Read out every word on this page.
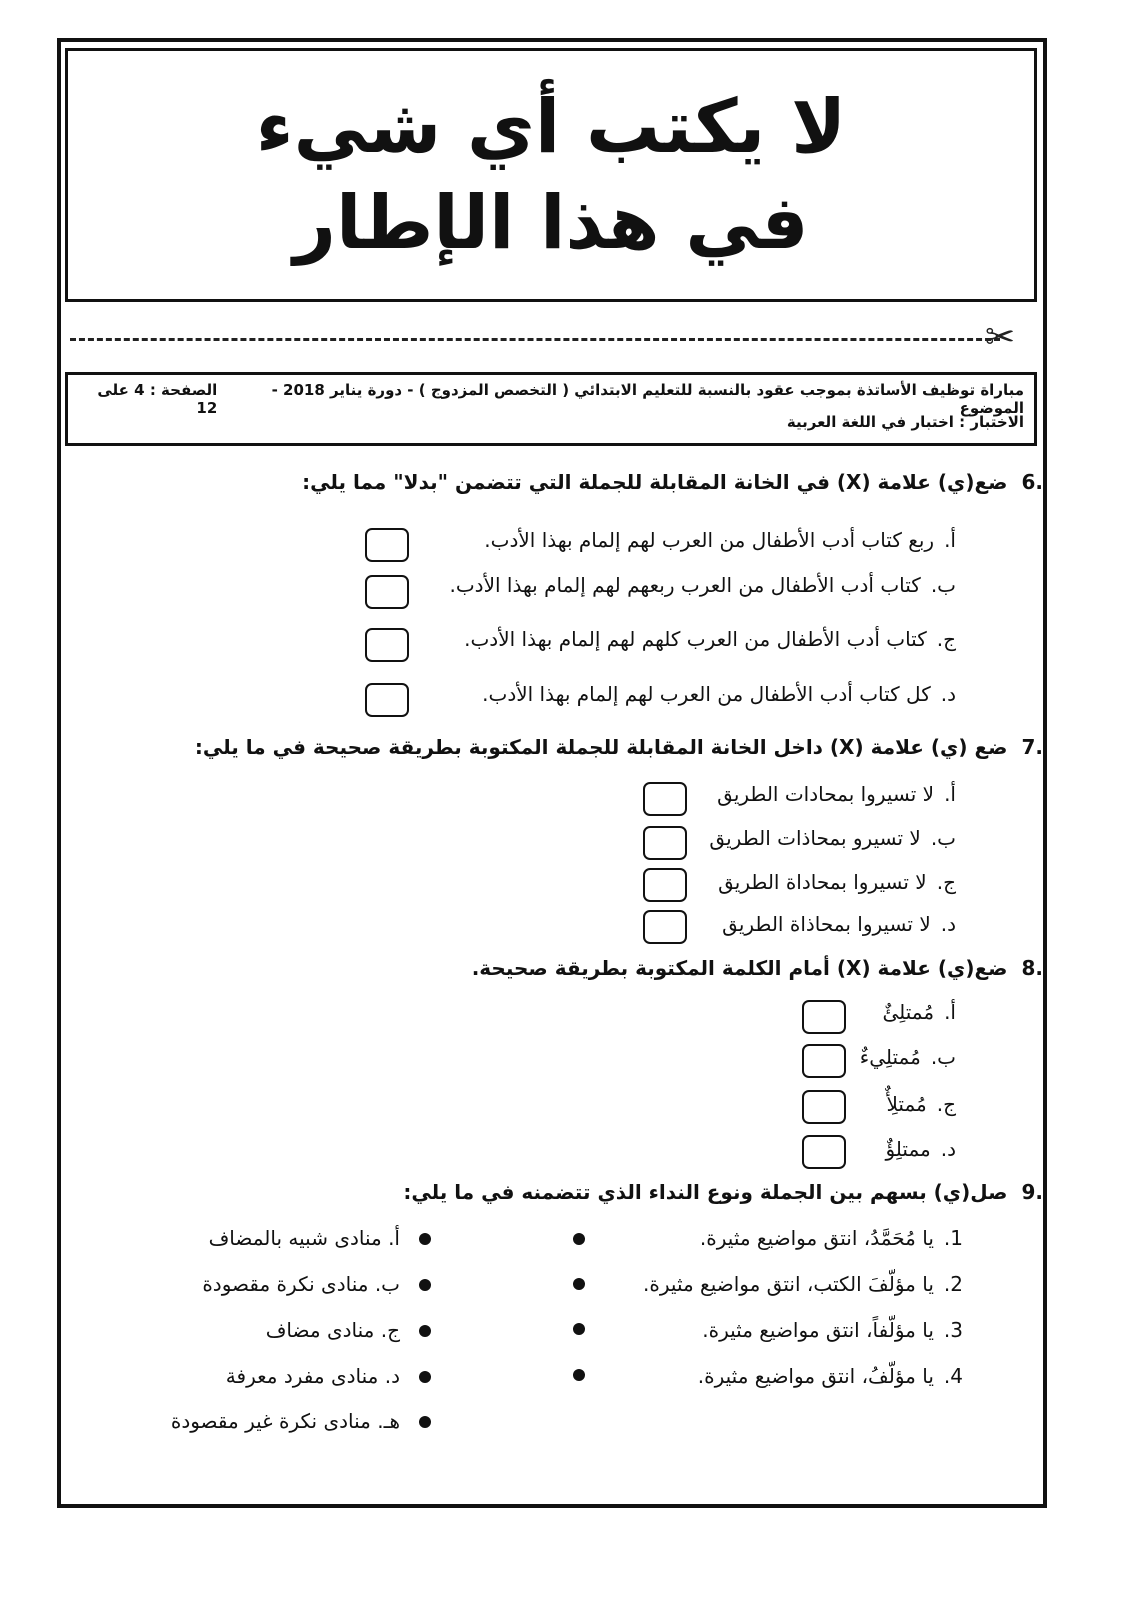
لا يكتب أي شيء
في هذا الإطار
✂
مباراة توظيف الأساتذة بموجب عقود بالنسبة للتعليم الابتدائي ( التخصص المزدوج ) - دورة يناير 2018 - الموضوع
الصفحة : 4 على 12
الاختبار : اختبار في اللغة العربية
.6ضع(ي) علامة (X) في الخانة المقابلة للجملة التي تتضمن "بدلا" مما يلي:
أ.ربع كتاب أدب الأطفال من العرب لهم إلمام بهذا الأدب.
ب.كتاب أدب الأطفال من العرب ربعهم لهم إلمام بهذا الأدب.
ج.كتاب أدب الأطفال من العرب كلهم لهم إلمام بهذا الأدب.
د.كل كتاب أدب الأطفال من العرب لهم إلمام بهذا الأدب.
.7ضع (ي) علامة (X) داخل الخانة المقابلة للجملة المكتوبة بطريقة صحيحة في ما يلي:
أ.لا تسيروا بمحادات الطريق
ب.لا تسيرو بمحاذات الطريق
ج.لا تسيروا بمحاداة الطريق
د.لا تسيروا بمحاذاة الطريق
.8ضع(ي) علامة (X) أمام الكلمة المكتوبة بطريقة صحيحة.
أ.مُمتلِئٌ
ب.مُمتلِيءٌ
ج.مُمتلِأٌ
د.ممتلِؤٌ
.9صل(ي) بسهم بين الجملة ونوع النداء الذي تتضمنه في ما يلي:
1.يا مُحَمَّدُ، انتق مواضيع مثيرة.
2.يا مؤلّفَ الكتب، انتق مواضيع مثيرة.
3.يا مؤلّفاً، انتق مواضيع مثيرة.
4.يا مؤلّفُ، انتق مواضيع مثيرة.
أ. منادى شبيه بالمضاف
ب. منادى نكرة مقصودة
ج. منادى مضاف
د. منادى مفرد معرفة
هـ. منادى نكرة غير مقصودة
